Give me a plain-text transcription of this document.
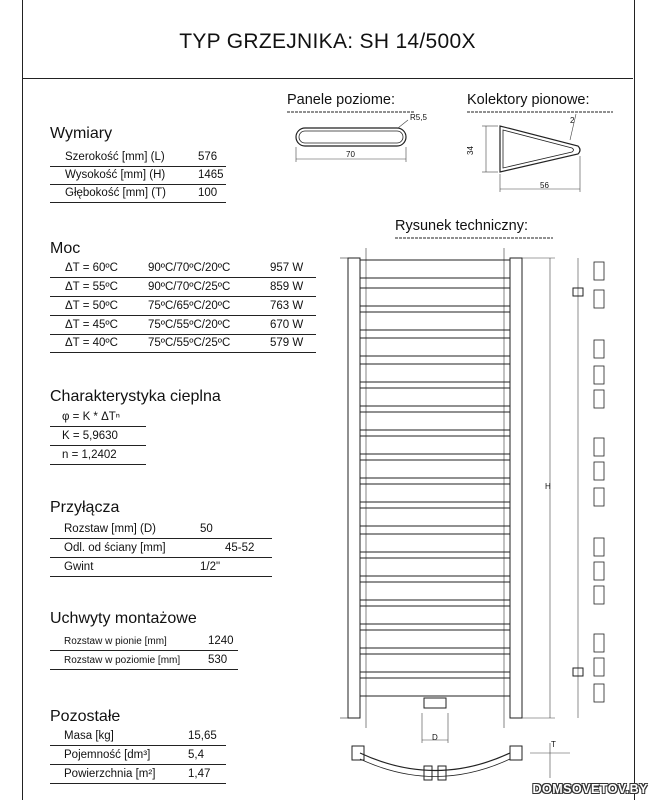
TYP GRZEJNIKA: SH 14/500X
Wymiary
Szerokość [mm] (L)	576
Wysokość [mm] (H)	1465
Głębokość [mm] (T)	100
Moc
ΔT = 60ºC	90ºC/70ºC/20ºC	957 W
ΔT = 55ºC	90ºC/70ºC/25ºC	859 W
ΔT = 50ºC	75ºC/65ºC/20ºC	763 W
ΔT = 45ºC	75ºC/55ºC/20ºC	670 W
ΔT = 40ºC	75ºC/55ºC/25ºC	579 W
Charakterystyka cieplna
φ = K * ΔTⁿ
K = 5,9630
n = 1,2402
Przyłącza
Rozstaw [mm] (D)	50
Odl. od ściany [mm]	45-52
Gwint	1/2"
Uchwyty montażowe
Rozstaw w pionie [mm]	1240
Rozstaw w poziomie [mm] 530
Pozostałe
Masa [kg]	15,65
Pojemność [dm³]	5,4
Powierzchnia [m²]	1,47
Panele poziome:	Kolektory pionowe:
Rysunek techniczny:
70
R5,5
34
56
2
H
D
T
DOMSOVETOV.BY
